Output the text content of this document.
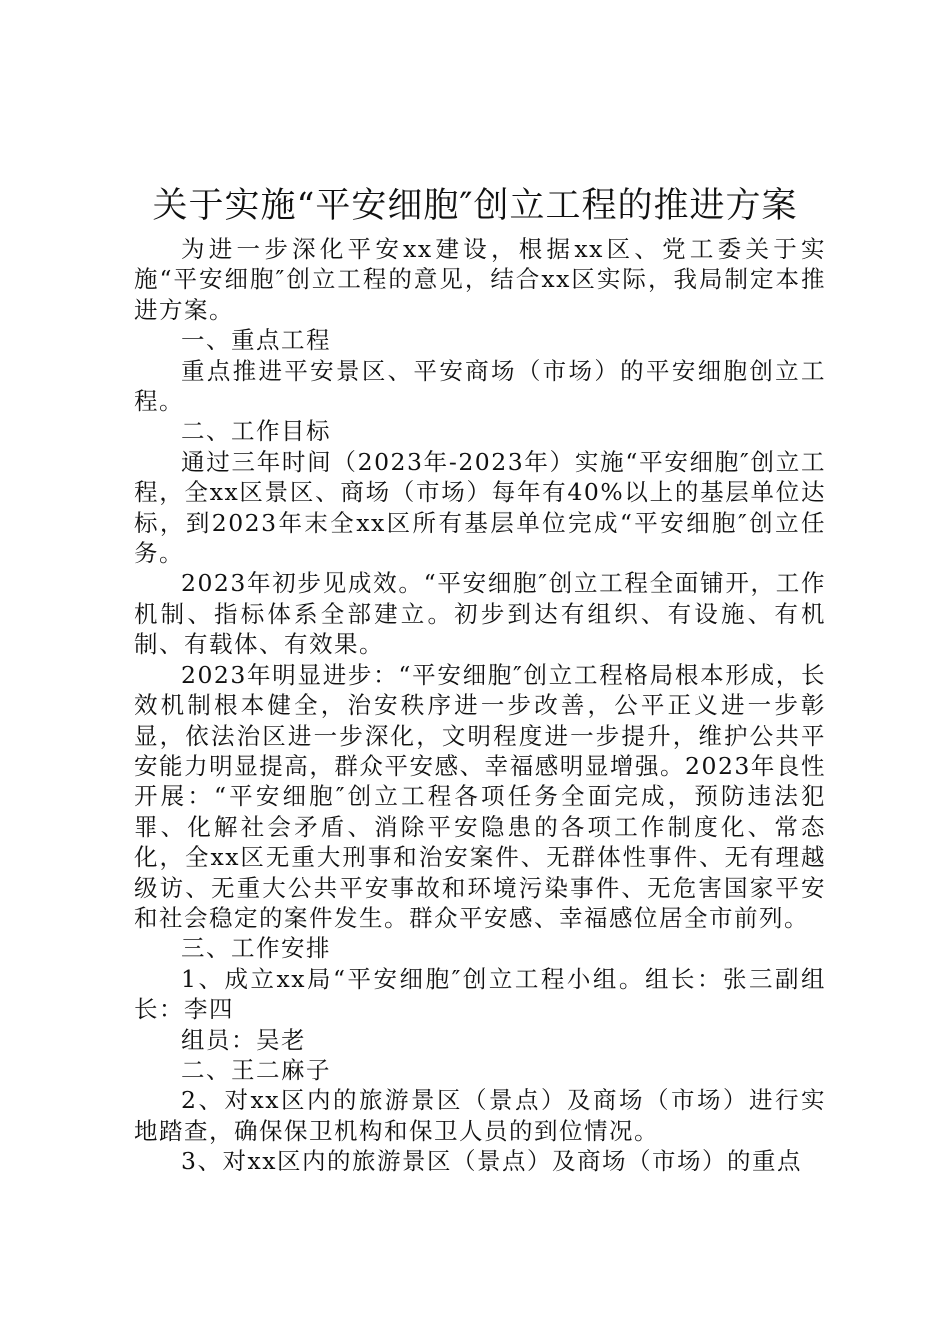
关于实施“平安细胞″创立工程的推进方案

为进一步深化平安xx建设，根据xx区、党工委关于实施“平安细胞″创立工程的意见，结合xx区实际，我局制定本推进方案。

一、重点工程

重点推进平安景区、平安商场（市场）的平安细胞创立工程。

二、工作目标

通过三年时间（2023年-2023年）实施“平安细胞″创立工程，全xx区景区、商场（市场）每年有40%以上的基层单位达标，到2023年末全xx区所有基层单位完成“平安细胞″创立任务。

2023年初步见成效。“平安细胞″创立工程全面铺开，工作机制、指标体系全部建立。初步到达有组织、有设施、有机制、有载体、有效果。

2023年明显进步：“平安细胞″创立工程格局根本形成，长效机制根本健全，治安秩序进一步改善，公平正义进一步彰显，依法治区进一步深化，文明程度进一步提升，维护公共平安能力明显提高，群众平安感、幸福感明显增强。2023年良性开展：“平安细胞″创立工程各项任务全面完成，预防违法犯罪、化解社会矛盾、消除平安隐患的各项工作制度化、常态化，全xx区无重大刑事和治安案件、无群体性事件、无有理越级访、无重大公共平安事故和环境污染事件、无危害国家平安和社会稳定的案件发生。群众平安感、幸福感位居全市前列。

三、工作安排

1、成立xx局“平安细胞″创立工程小组。组长：张三副组长：李四

组员：吴老

二、王二麻子

2、对xx区内的旅游景区（景点）及商场（市场）进行实地踏查，确保保卫机构和保卫人员的到位情况。

3、对xx区内的旅游景区（景点）及商场（市场）的重点
